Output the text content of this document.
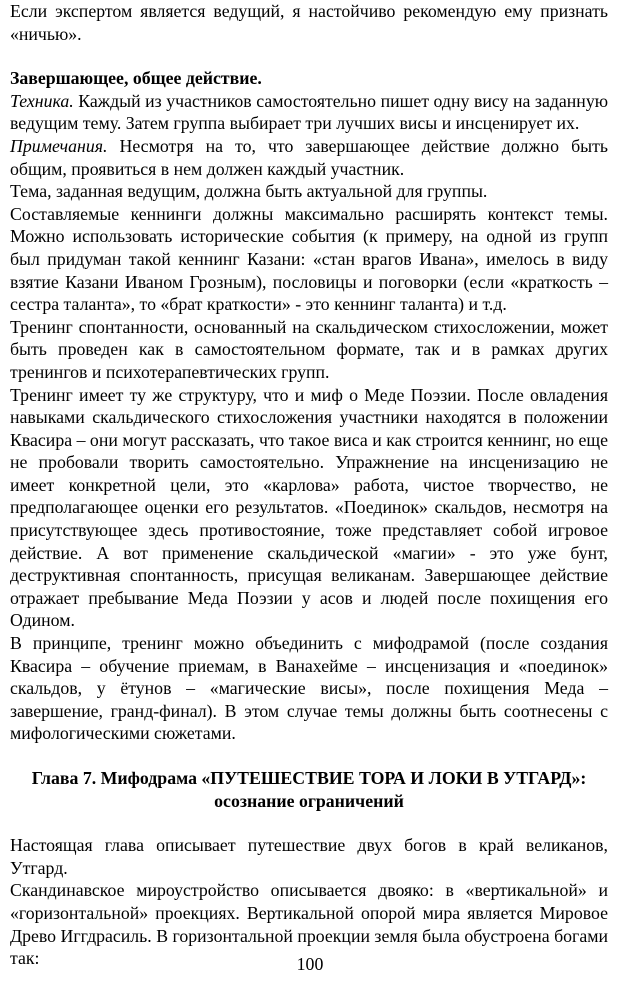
Если экспертом является ведущий, я настойчиво рекомендую ему признать «ничью».

Завершающее, общее действие.

Техника. Каждый из участников самостоятельно пишет одну вису на заданную ведущим тему. Затем группа выбирает три лучших висы и инсценирует их.

Примечания. Несмотря на то, что завершающее действие должно быть общим, проявиться в нем должен каждый участник.

Тема, заданная ведущим, должна быть актуальной для группы.

Составляемые кеннинги должны максимально расширять контекст темы. Можно использовать исторические события (к примеру, на одной из групп был придуман такой кеннинг Казани: «стан врагов Ивана», имелось в виду взятие Казани Иваном Грозным), пословицы и поговорки (если «краткость – сестра таланта», то «брат краткости» - это кеннинг таланта) и т.д.

Тренинг спонтанности, основанный на скальдическом стихосложении, может быть проведен как в самостоятельном формате, так и в рамках других тренингов и психотерапевтических групп.

Тренинг имеет ту же структуру, что и миф о Меде Поэзии. После овладения навыками скальдического стихосложения участники находятся в положении Квасира – они могут рассказать, что такое виса и как строится кеннинг, но еще не пробовали творить самостоятельно. Упражнение на инсценизацию не имеет конкретной цели, это «карлова» работа, чистое творчество, не предполагающее оценки его результатов. «Поединок» скальдов, несмотря на присутствующее здесь противостояние, тоже представляет собой игровое действие. А вот применение скальдической «магии» - это уже бунт, деструктивная спонтанность, присущая великанам. Завершающее действие отражает пребывание Меда Поэзии у асов и людей после похищения его Одином.

В принципе, тренинг можно объединить с мифодрамой (после создания Квасира – обучение приемам, в Ванахейме – инсценизация и «поединок» скальдов, у ётунов – «магические висы», после похищения Меда – завершение, гранд-финал). В этом случае темы должны быть соотнесены с мифологическими сюжетами.

Глава 7. Мифодрама «ПУТЕШЕСТВИЕ ТОРА И ЛОКИ В УТГАРД»:
осознание ограничений

Настоящая глава описывает путешествие двух богов в край великанов, Утгард.

Скандинавское мироустройство описывается двояко: в «вертикальной» и «горизонтальной» проекциях. Вертикальной опорой мира является Мировое Древо Иггдрасиль. В горизонтальной проекции земля была обустроена богами так:	100
